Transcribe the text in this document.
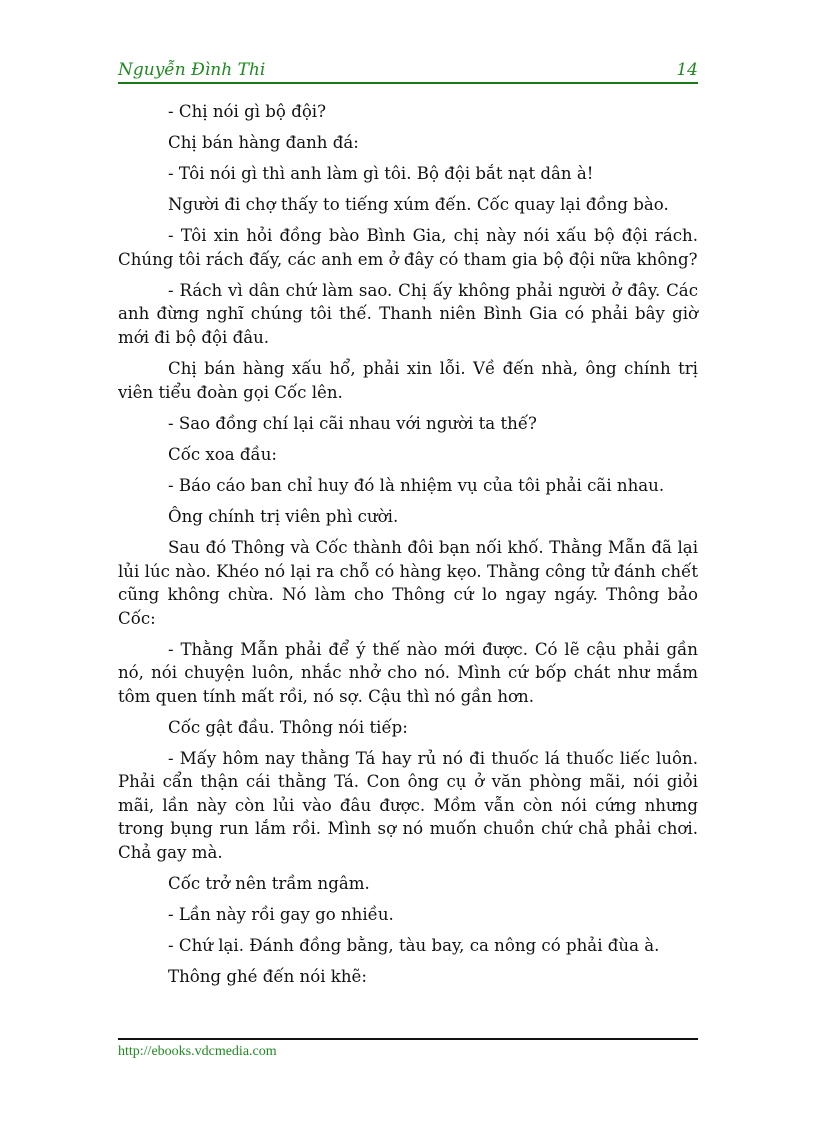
Nguyễn Đình Thi	14

- Chị nói gì bộ đội?

Chị bán hàng đanh đá:

- Tôi nói gì thì anh làm gì tôi. Bộ đội bắt nạt dân à!

Người đi chợ thấy to tiếng xúm đến. Cốc quay lại đồng bào.

- Tôi xin hỏi đồng bào Bình Gia, chị này nói xấu bộ đội rách. Chúng tôi rách đấy, các anh em ở đây có tham gia bộ đội nữa không?

- Rách vì dân chứ làm sao. Chị ấy không phải người ở đây. Các anh đừng nghĩ chúng tôi thế. Thanh niên Bình Gia có phải bây giờ mới đi bộ đội đâu.

Chị bán hàng xấu hổ, phải xin lỗi. Về đến nhà, ông chính trị viên tiểu đoàn gọi Cốc lên.

- Sao đồng chí lại cãi nhau với người ta thế?

Cốc xoa đầu:

- Báo cáo ban chỉ huy đó là nhiệm vụ của tôi phải cãi nhau.

Ông chính trị viên phì cười.

Sau đó Thông và Cốc thành đôi bạn nối khố. Thằng Mẫn đã lại lủi lúc nào. Khéo nó lại ra chỗ có hàng kẹo. Thằng công tử đánh chết cũng không chừa. Nó làm cho Thông cứ lo ngay ngáy. Thông bảo Cốc:

- Thằng Mẫn phải để ý thế nào mới được. Có lẽ cậu phải gần nó, nói chuyện luôn, nhắc nhở cho nó. Mình cứ bốp chát như mắm tôm quen tính mất rồi, nó sợ. Cậu thì nó gần hơn.

Cốc gật đầu. Thông nói tiếp:

- Mấy hôm nay thằng Tá hay rủ nó đi thuốc lá thuốc liếc luôn. Phải cẩn thận cái thằng Tá. Con ông cụ ở văn phòng mãi, nói giỏi mãi, lần này còn lủi vào đâu được. Mồm vẫn còn nói cứng nhưng trong bụng run lắm rồi. Mình sợ nó muốn chuồn chứ chả phải chơi. Chả gay mà.

Cốc trở nên trầm ngâm.

- Lần này rồi gay go nhiều.

- Chứ lại. Đánh đồng bằng, tàu bay, ca nông có phải đùa à.

Thông ghé đến nói khẽ:

http://ebooks.vdcmedia.com
